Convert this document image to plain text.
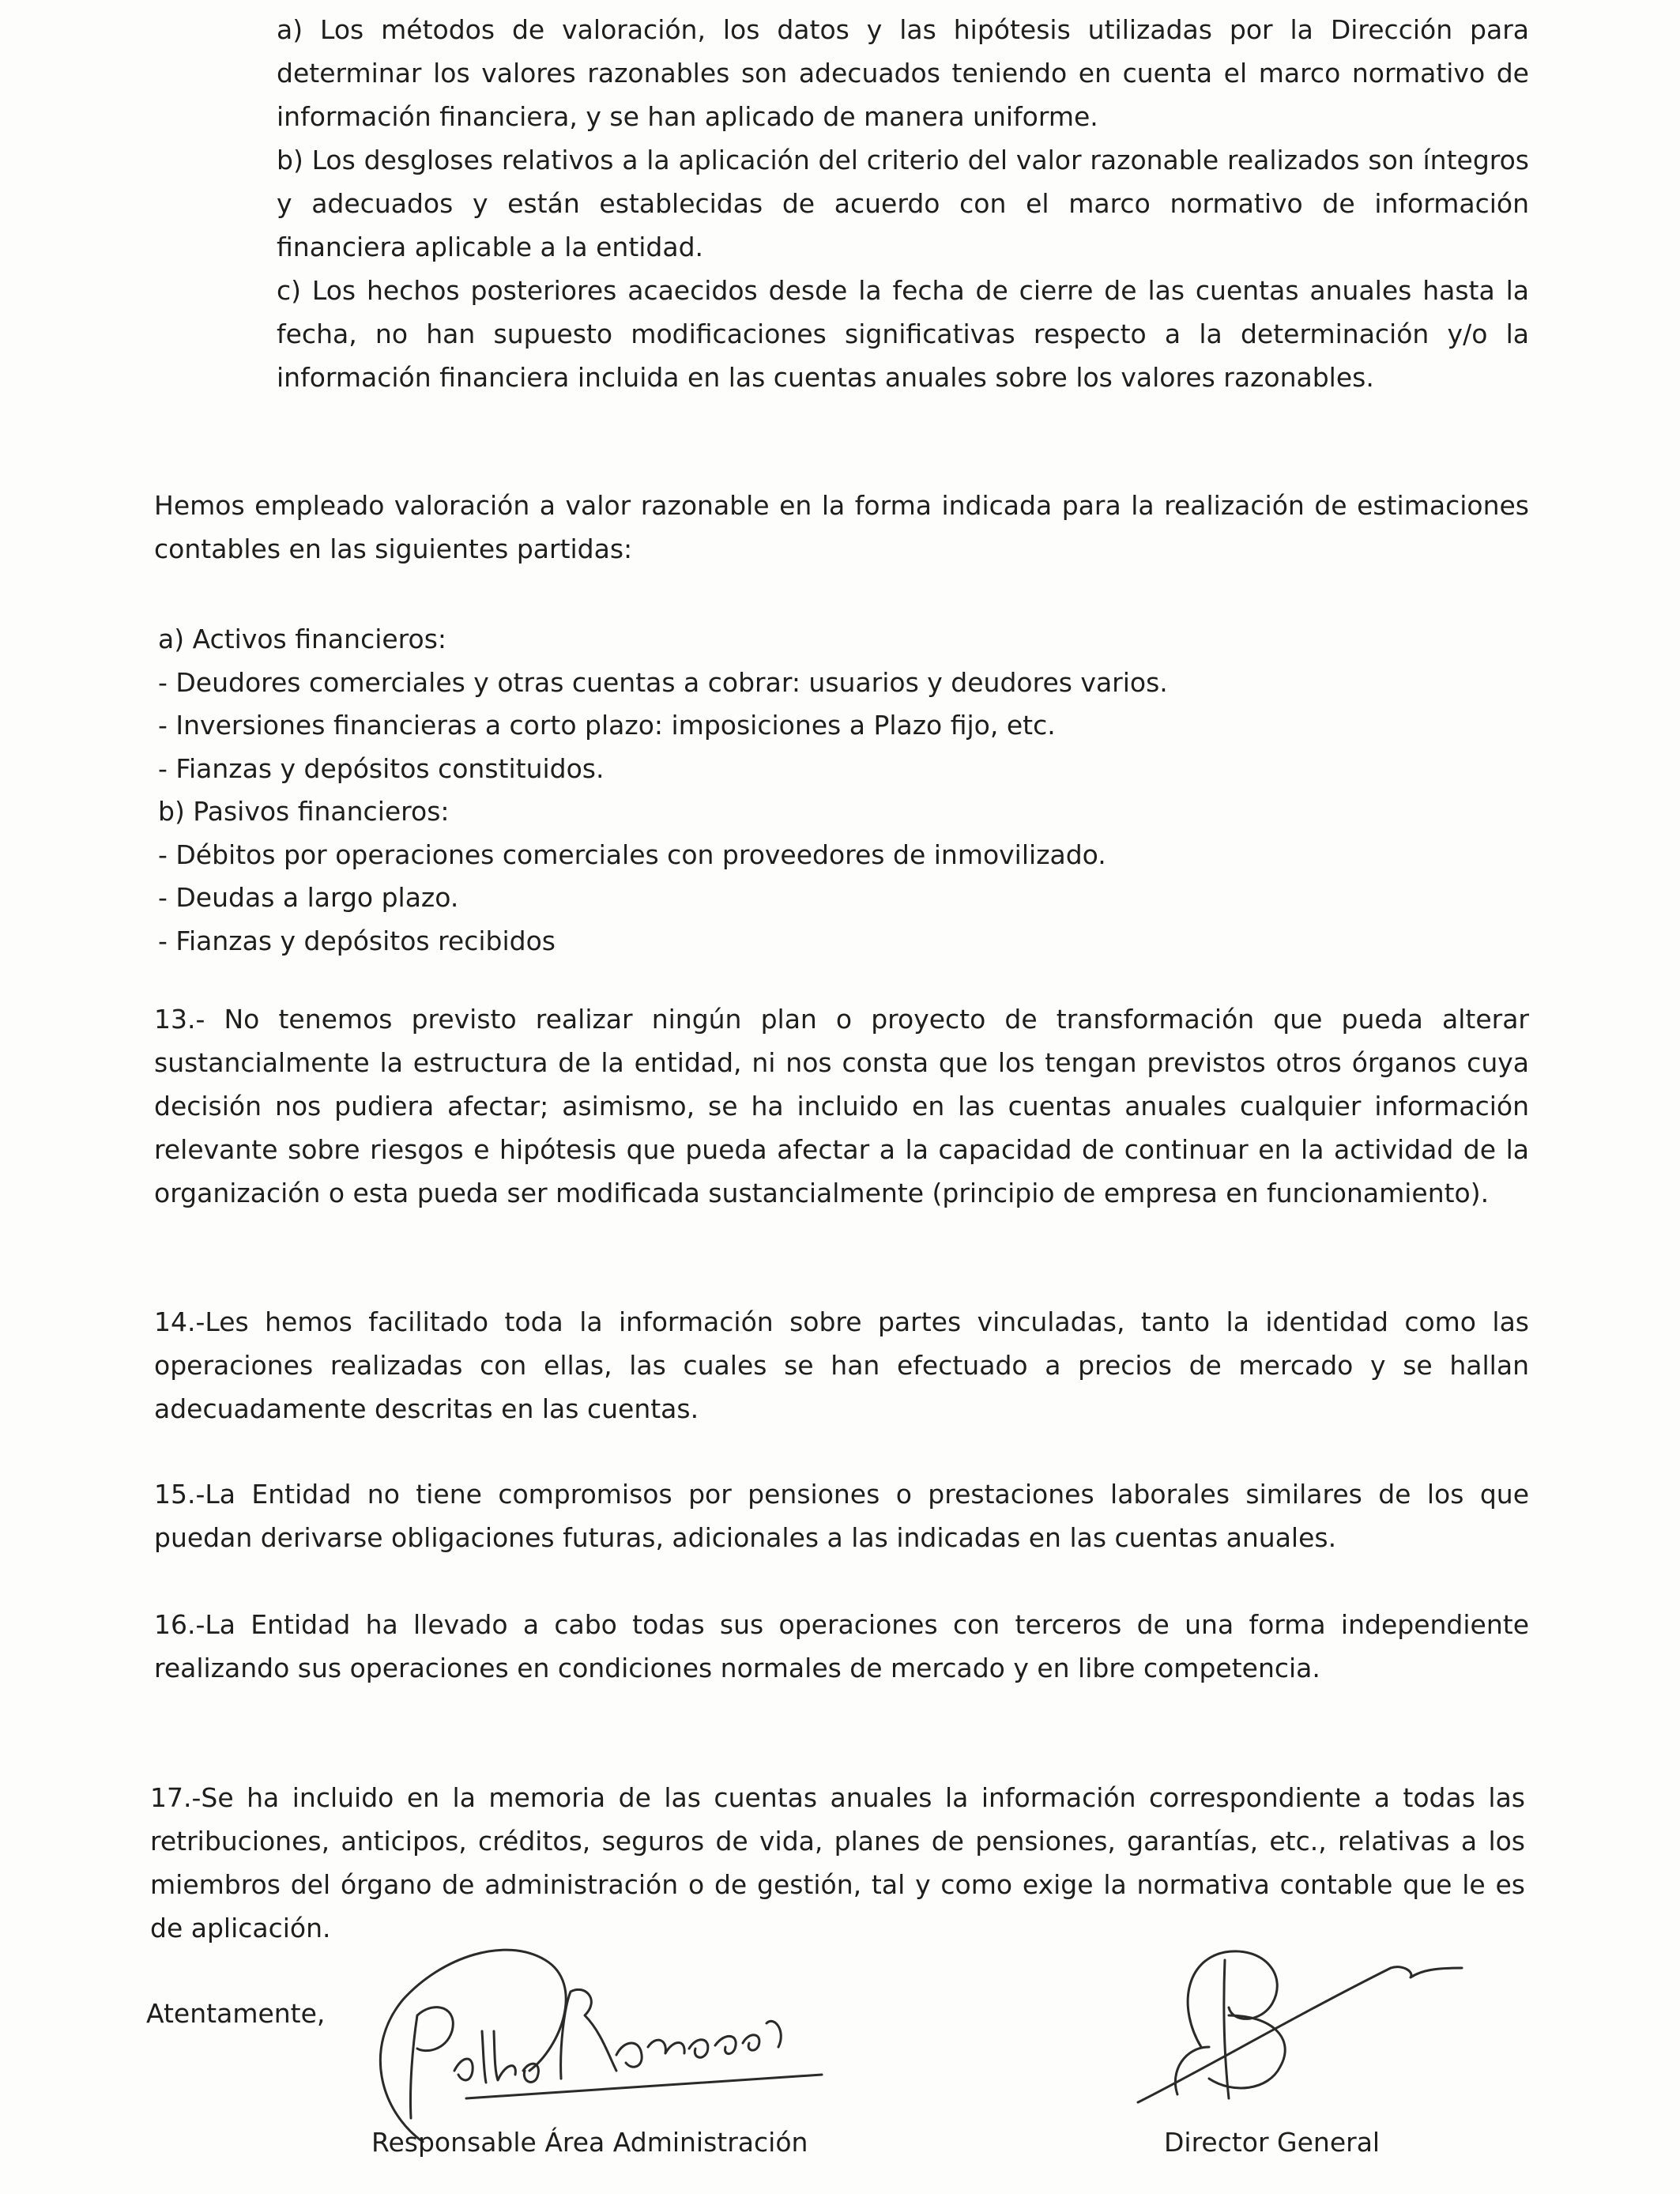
a) Los métodos de valoración, los datos y las hipótesis utilizadas por la Dirección para determinar los valores razonables son adecuados teniendo en cuenta el marco normativo de información financiera, y se han aplicado de manera uniforme.

b) Los desgloses relativos a la aplicación del criterio del valor razonable realizados son íntegros y adecuados y están establecidas de acuerdo con el marco normativo de información financiera aplicable a la entidad.

c) Los hechos posteriores acaecidos desde la fecha de cierre de las cuentas anuales hasta la fecha, no han supuesto modificaciones significativas respecto a la determinación y/o la información financiera incluida en las cuentas anuales sobre los valores razonables.

Hemos empleado valoración a valor razonable en la forma indicada para la realización de estimaciones contables en las siguientes partidas:

a) Activos financieros:

- Deudores comerciales y otras cuentas a cobrar: usuarios y deudores varios.

- Inversiones financieras a corto plazo: imposiciones a Plazo fijo, etc.

- Fianzas y depósitos constituidos.

b) Pasivos financieros:

- Débitos por operaciones comerciales con proveedores de inmovilizado.

- Deudas a largo plazo.

- Fianzas y depósitos recibidos

13.- No tenemos previsto realizar ningún plan o proyecto de transformación que pueda alterar sustancialmente la estructura de la entidad, ni nos consta que los tengan previstos otros órganos cuya decisión nos pudiera afectar; asimismo, se ha incluido en las cuentas anuales cualquier información relevante sobre riesgos e hipótesis que pueda afectar a la capacidad de continuar en la actividad de la organización o esta pueda ser modificada sustancialmente (principio de empresa en funcionamiento).

14.-Les hemos facilitado toda la información sobre partes vinculadas, tanto la identidad como las operaciones realizadas con ellas, las cuales se han efectuado a precios de mercado y se hallan adecuadamente descritas en las cuentas.

15.-La Entidad no tiene compromisos por pensiones o prestaciones laborales similares de los que puedan derivarse obligaciones futuras, adicionales a las indicadas en las cuentas anuales.

16.-La Entidad ha llevado a cabo todas sus operaciones con terceros de una forma independiente realizando sus operaciones en condiciones normales de mercado y en libre competencia.

17.-Se ha incluido en la memoria de las cuentas anuales la información correspondiente a todas las retribuciones, anticipos, créditos, seguros de vida, planes de pensiones, garantías, etc., relativas a los miembros del órgano de administración o de gestión, tal y como exige la normativa contable que le es de aplicación.

Atentamente,
Responsable Área Administración	Director General
